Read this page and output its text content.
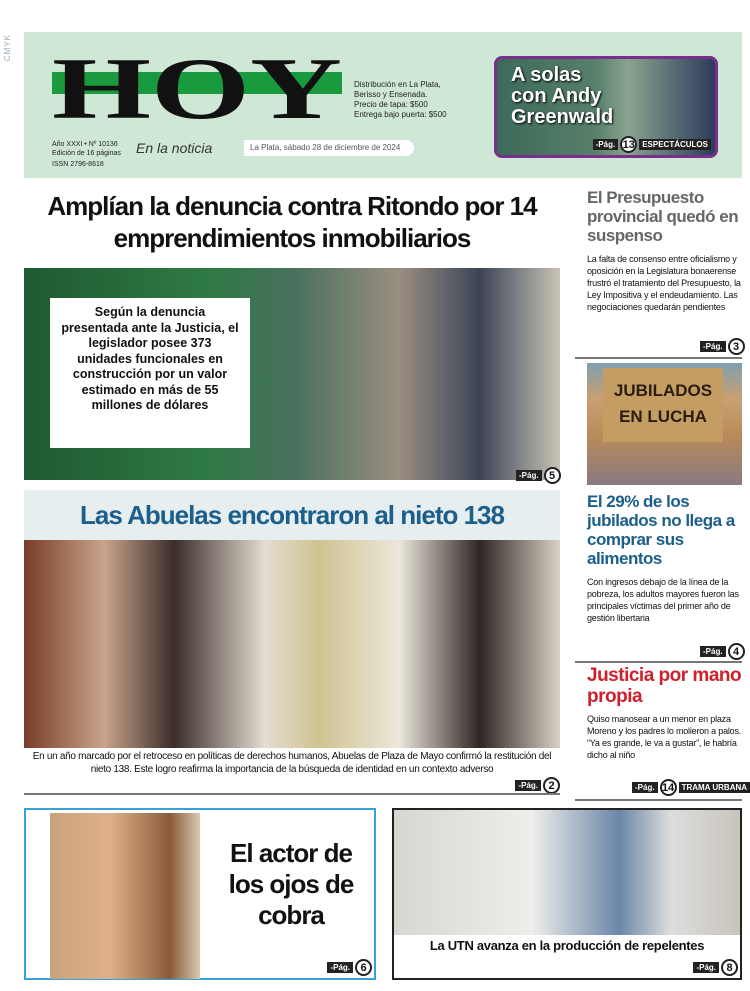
CMYK HOY
Año XXXI • Nº 10136
Edición de 16 páginas
ISSN 2796-8618
En la noticia
Distribución en La Plata,
Berisso y Ensenada.
Precio de tapa: $500
Entrega bajo puerta: $500
La Plata, sábado 28 de diciembre de 2024
A solas con Andy Greenwald
-Pág. 13 ESPECTÁCULOS
Amplían la denuncia contra Ritondo por 14 emprendimientos inmobiliarios
Según la denuncia presentada ante la Justicia, el legislador posee 373 unidades funcionales en construcción por un valor estimado en más de 55 millones de dólares
-Pág. 5
Las Abuelas encontraron al nieto 138
En un año marcado por el retroceso en políticas de derechos humanos, Abuelas de Plaza de Mayo confirmó la restitución del nieto 138. Este logro reafirma la importancia de la búsqueda de identidad en un contexto adverso
-Pág. 2
El Presupuesto provincial quedó en suspenso

La falta de consenso entre oficialismo y oposición en la Legislatura bonaerense frustró el tratamiento del Presupuesto, la Ley Impositiva y el endeudamiento. Las negociaciones quedarán pendientes

-Pág. 3
JUBILADOS EN LUCHA
El 29% de los jubilados no llega a comprar sus alimentos

Con ingresos debajo de la línea de la pobreza, los adultos mayores fueron las principales víctimas del primer año de gestión libertaria

-Pág. 4
Justicia por mano propia

Quiso manosear a un menor en plaza Moreno y los padres lo molieron a palos. “Ya es grande, le va a gustar”, le habría dicho al niño

-Pág. 14 TRAMA URBANA
El actor de los ojos de cobra
-Pág. 6
La UTN avanza en la producción de repelentes
-Pág. 8
